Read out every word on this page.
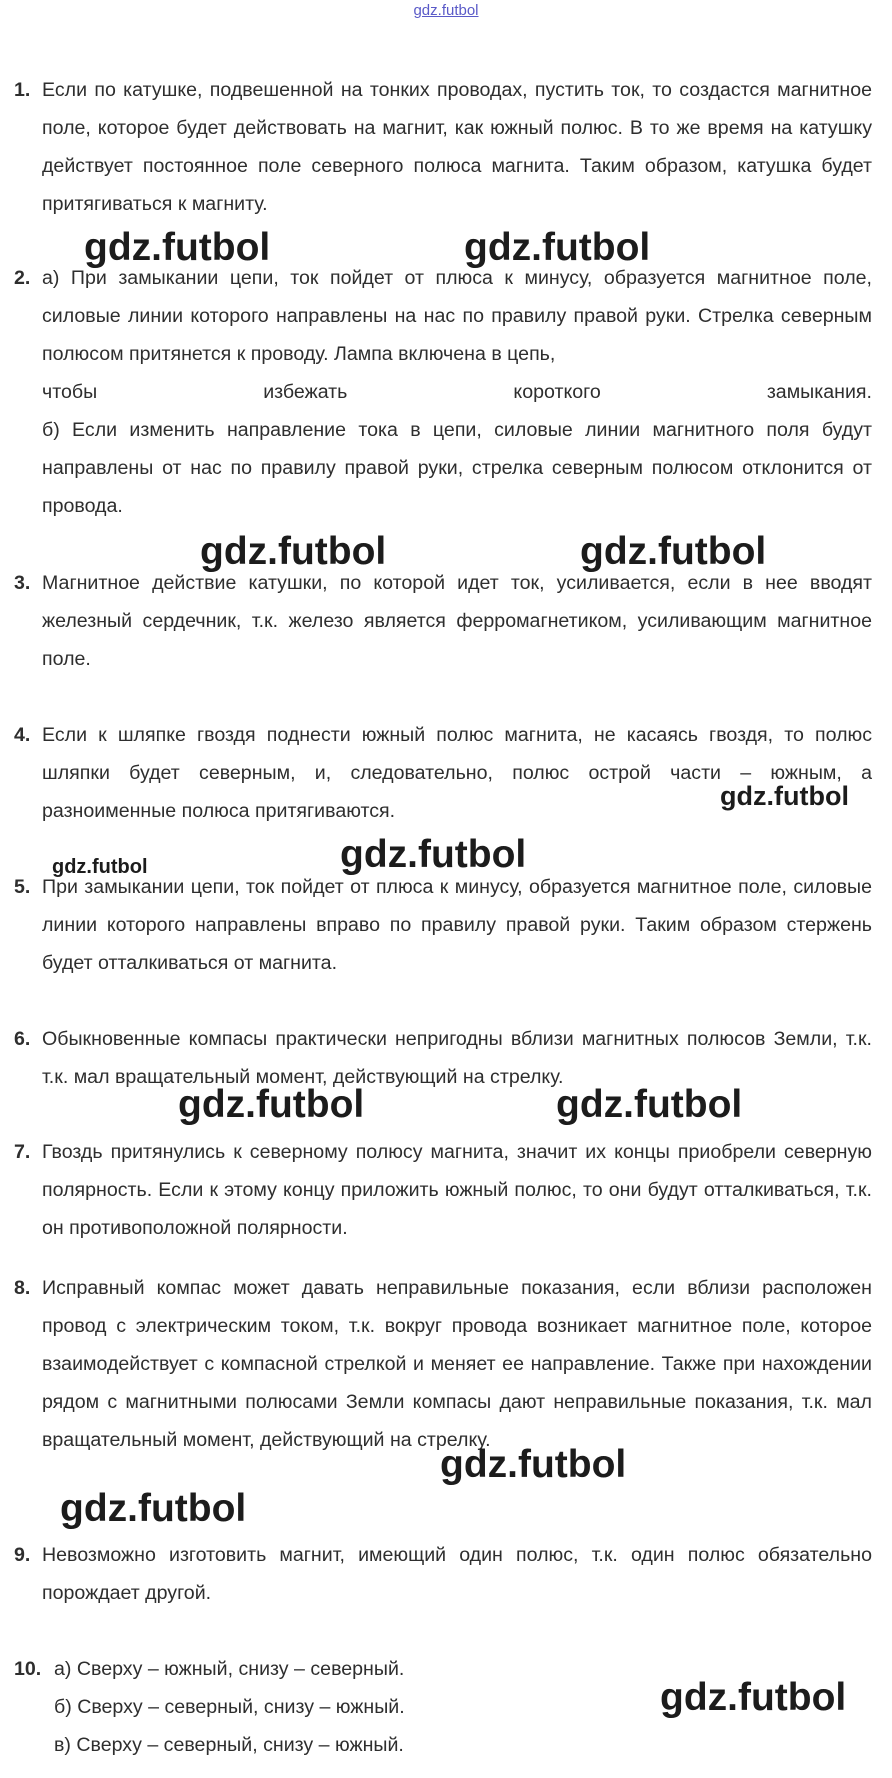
gdz.futbol
1. Если по катушке, подвешенной на тонких проводах, пустить ток, то создастся магнитное поле, которое будет действовать на магнит, как южный полюс. В то же время на катушку действует постоянное поле северного полюса магнита. Таким образом, катушка будет притягиваться к магниту.

2. а) При замыкании цепи, ток пойдет от плюса к минусу, образуется магнитное поле, силовые линии которого направлены на нас по правилу правой руки. Стрелка северным полюсом притянется к проводу. Лампа включена в цепь,

чтобы	избежать	короткого	замыкания.

б) Если изменить направление тока в цепи, силовые линии магнитного поля будут направлены от нас по правилу правой руки, стрелка северным полюсом отклонится от провода.

3. Магнитное действие катушки, по которой идет ток, усиливается, если в нее вводят железный сердечник, т.к. железо является ферромагнетиком, усиливающим магнитное поле.

4. Если к шляпке гвоздя поднести южный полюс магнита, не касаясь гвоздя, то полюс шляпки будет северным, и, следовательно, полюс острой части – южным, а разноименные полюса притягиваются.

5. При замыкании цепи, ток пойдет от плюса к минусу, образуется магнитное поле, силовые линии которого направлены вправо по правилу правой руки. Таким образом стержень будет отталкиваться от магнита.

6. Обыкновенные компасы практически непригодны вблизи магнитных полюсов Земли, т.к. т.к. мал вращательный момент, действующий на стрелку.

7. Гвоздь притянулись к северному полюсу магнита, значит их концы приобрели северную полярность. Если к этому концу приложить южный полюс, то они будут отталкиваться, т.к. он противоположной полярности.

8. Исправный компас может давать неправильные показания, если вблизи расположен провод с электрическим током, т.к. вокруг провода возникает магнитное поле, которое взаимодействует с компасной стрелкой и меняет ее направление. Также при нахождении рядом с магнитными полюсами Земли компасы дают неправильные показания, т.к. мал вращательный момент, действующий на стрелку.

9. Невозможно изготовить магнит, имеющий один полюс, т.к. один полюс обязательно порождает другой.

10. а) Сверху – южный, снизу – северный.

б) Сверху – северный, снизу – южный.

в) Сверху – северный, снизу – южный.

gdz.futbol	gdz.futbol
gdz.futbol	gdz.futbol
gdz.futbol
gdz.futbol	gdz.futbol
gdz.futbol	gdz.futbol
gdz.futbol
gdz.futbol
gdz.futbol
